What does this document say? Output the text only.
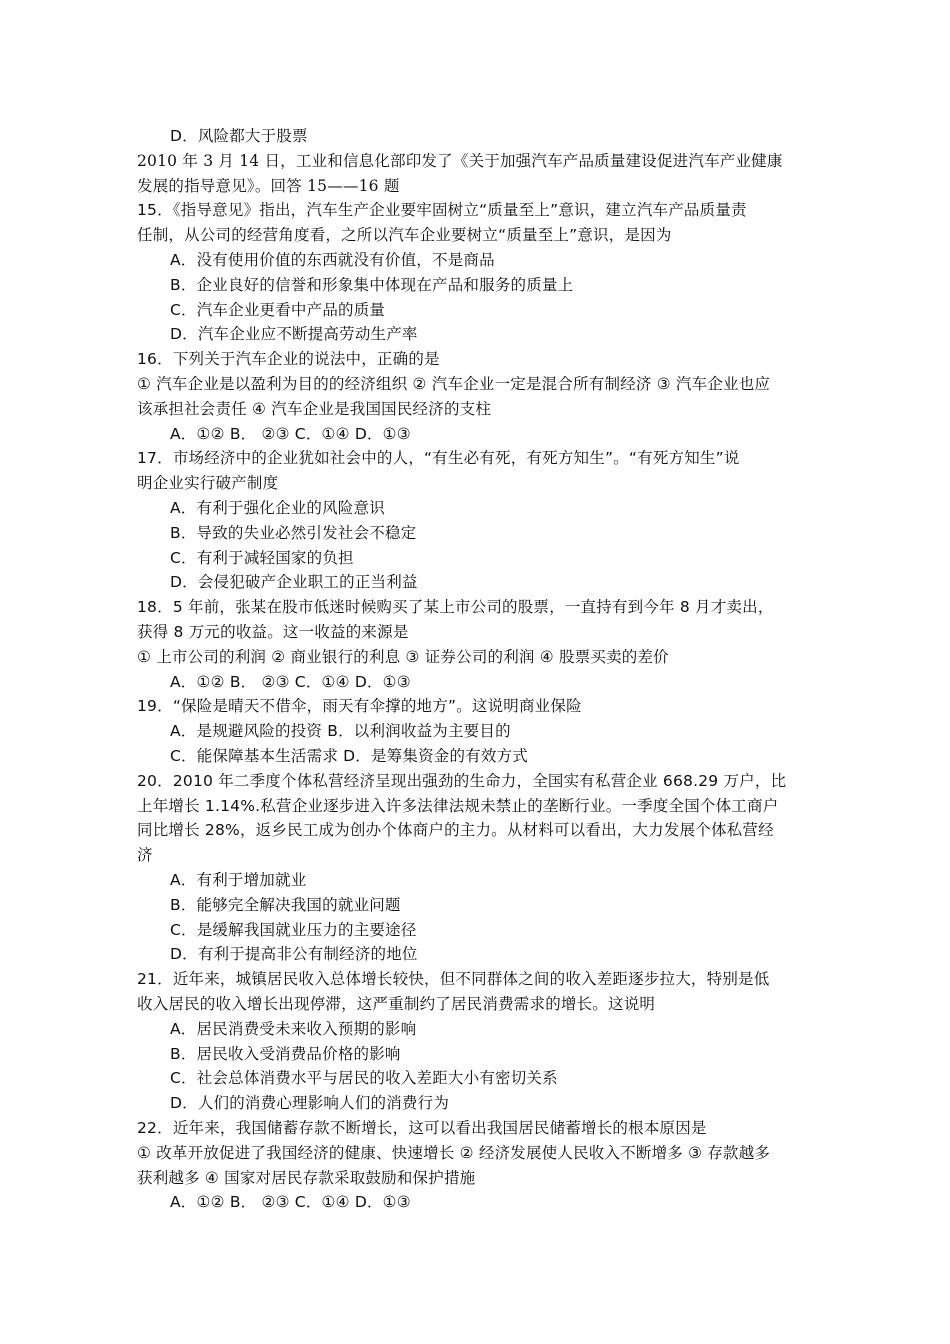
D．风险都大于股票
2010 年 3 月 14 日，工业和信息化部印发了《关于加强汽车产品质量建设促进汽车产业健康
发展的指导意见》。回答 15——16 题
15．《指导意见》指出，汽车生产企业要牢固树立“质量至上”意识，建立汽车产品质量责
任制，从公司的经营角度看，之所以汽车企业要树立“质量至上”意识，是因为
A．没有使用价值的东西就没有价值，不是商品
B．企业良好的信誉和形象集中体现在产品和服务的质量上
C．汽车企业更看中产品的质量
D．汽车企业应不断提高劳动生产率
16．下列关于汽车企业的说法中，正确的是
① 汽车企业是以盈利为目的的经济组织 ② 汽车企业一定是混合所有制经济 ③ 汽车企业也应
该承担社会责任 ④ 汽车企业是我国国民经济的支柱
A．①② B． ②③ C．①④ D．①③
17．市场经济中的企业犹如社会中的人，“有生必有死，有死方知生”。“有死方知生”说
明企业实行破产制度
A．有利于强化企业的风险意识
B．导致的失业必然引发社会不稳定
C．有利于减轻国家的负担
D．会侵犯破产企业职工的正当利益
18．5 年前，张某在股市低迷时候购买了某上市公司的股票，一直持有到今年 8 月才卖出，
获得 8 万元的收益。这一收益的来源是
① 上市公司的利润 ② 商业银行的利息 ③ 证券公司的利润 ④ 股票买卖的差价
A．①② B． ②③ C．①④ D．①③
19．“保险是晴天不借伞，雨天有伞撑的地方”。这说明商业保险
A．是规避风险的投资 B．以利润收益为主要目的
C．能保障基本生活需求 D．是筹集资金的有效方式
20．2010 年二季度个体私营经济呈现出强劲的生命力，全国实有私营企业 668.29 万户，比
上年增长 1.14%.私营企业逐步进入许多法律法规未禁止的垄断行业。一季度全国个体工商户
同比增长 28%，返乡民工成为创办个体商户的主力。从材料可以看出，大力发展个体私营经
济
A．有利于增加就业
B．能够完全解决我国的就业问题
C．是缓解我国就业压力的主要途径
D．有利于提高非公有制经济的地位
21．近年来，城镇居民收入总体增长较快，但不同群体之间的收入差距逐步拉大，特别是低
收入居民的收入增长出现停滞，这严重制约了居民消费需求的增长。这说明
A．居民消费受未来收入预期的影响
B．居民收入受消费品价格的影响
C．社会总体消费水平与居民的收入差距大小有密切关系
D．人们的消费心理影响人们的消费行为
22．近年来，我国储蓄存款不断增长，这可以看出我国居民储蓄增长的根本原因是
① 改革开放促进了我国经济的健康、快速增长 ② 经济发展使人民收入不断增多 ③ 存款越多
获利越多 ④ 国家对居民存款采取鼓励和保护措施
A．①② B． ②③ C．①④ D．①③
